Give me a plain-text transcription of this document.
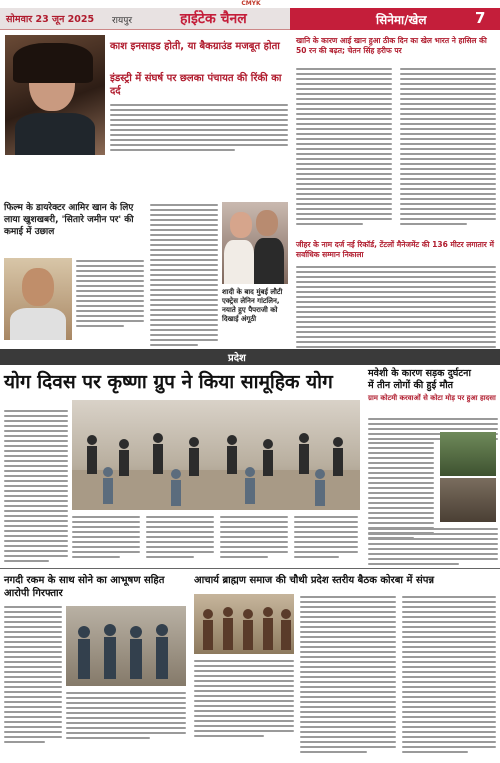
CMYK
सोमवार 23 जून 2025 रायपुर	हाईटेक चैनल	सिनेमा/खेल	7
काश इनसाइड होती, या बैकग्राउंड मजबूत होता
इंडस्ट्री में संघर्ष पर छलका पंचायत की रिंकी का दर्द
फिल्म के डायरेक्टर आमिर खान के लिए लाया खुशखबरी, 'सितारे जमीन पर' की कमाई में उछाल
शादी के बाद मुंबई लौटी एक्ट्रेस लेनिन गांटलिन, नयाते हुए पैपराजी को दिखाई अंगूठी
खानि के कारण आई खान हुआ ठीक दिन का खेल भारत ने हासिल की 50 रन की बढ़त; चेतन सिंह हरीफ पर
जीहर के नाम दर्ज नई रिकॉर्ड, टेंटलों मैनेजमेंट की 136 मीटर लगातार में सर्वाधिक सम्मान निकाला
प्रदेश
योग दिवस पर कृष्णा ग्रुप ने किया सामूहिक योग	मवेशी के कारण सड़क दुर्घटना
में तीन लोगों की हुई मौत
ग्राम कोटमी करवाओं से कोटा मोड़ पर हुआ हादसा
नगदी रकम के साथ सोने का आभूषण सहित आरोपी गिरफ्तार
आचार्य ब्राह्मण समाज की चौथी प्रदेश स्तरीय बैठक कोरबा में संपन्न
